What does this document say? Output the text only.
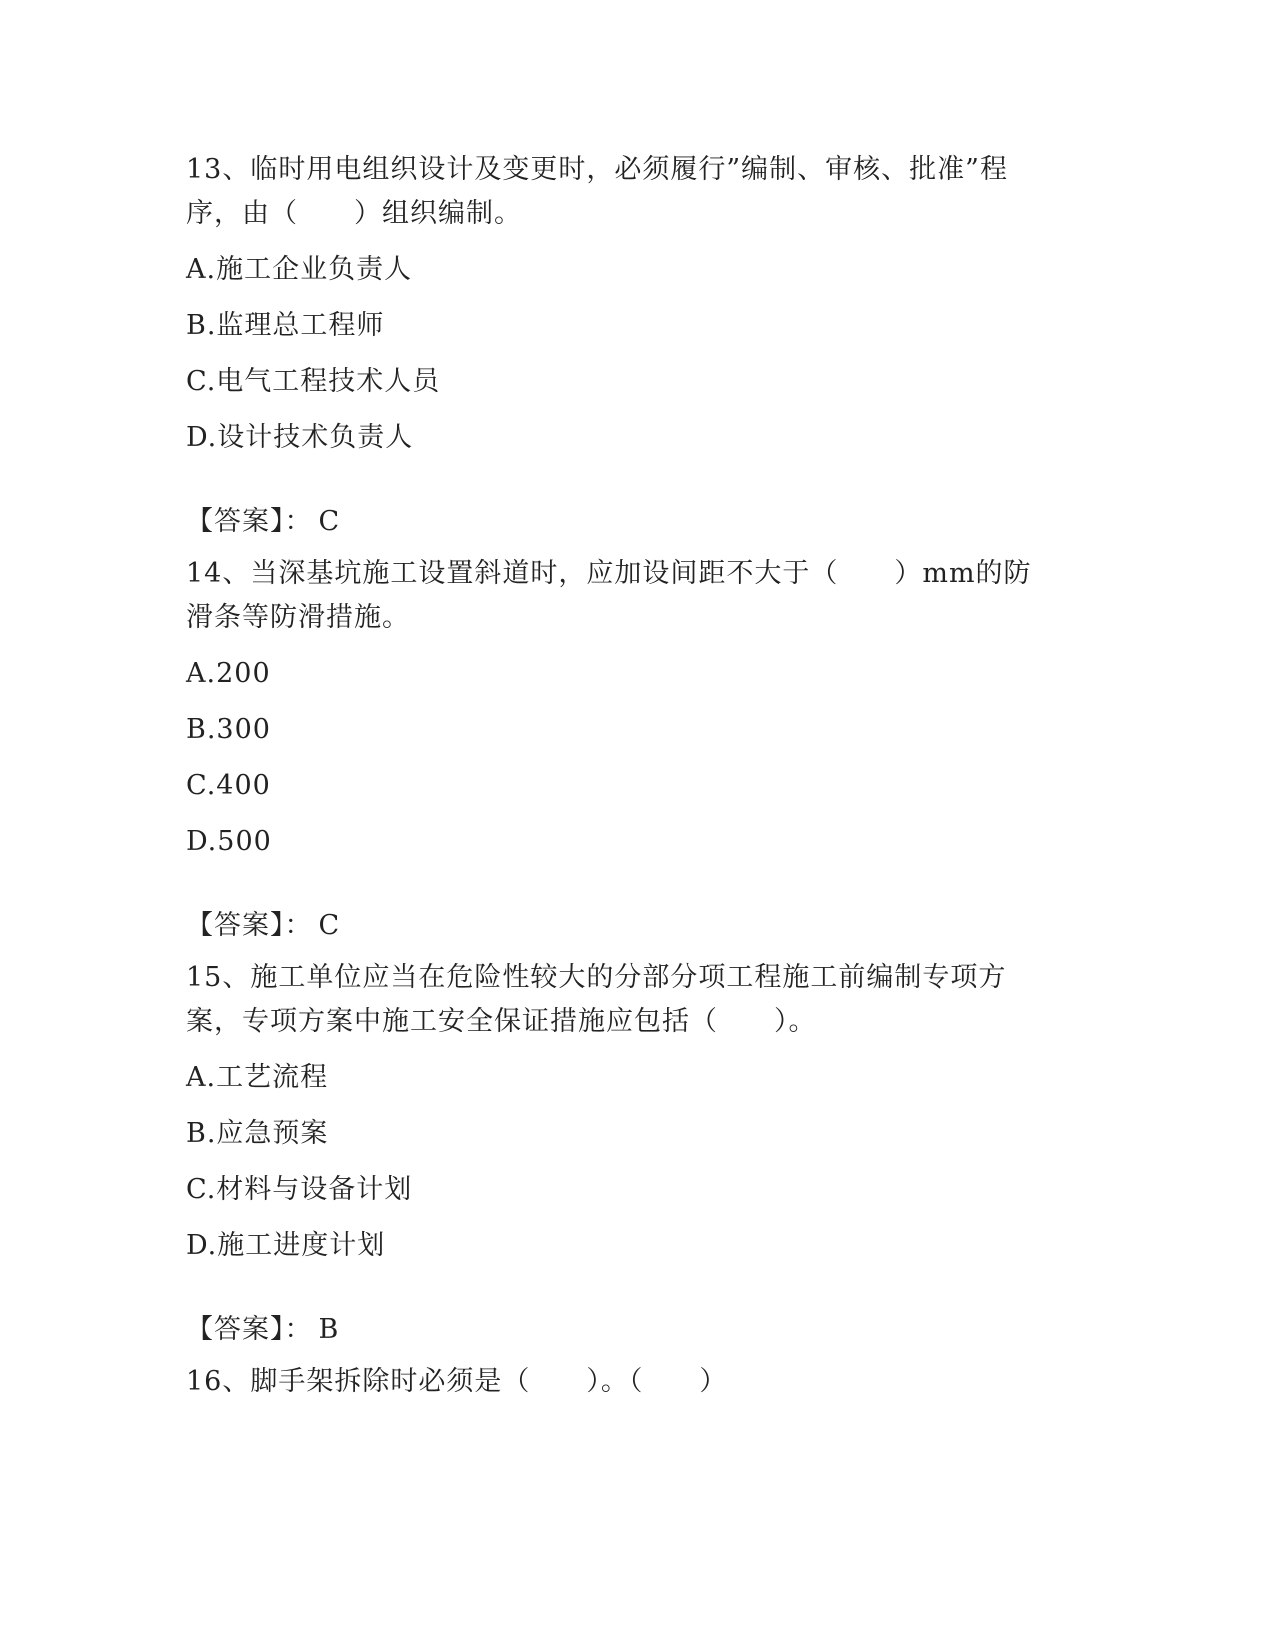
13、临时用电组织设计及变更时，必须履行”编制、审核、批准”程序，由（　　）组织编制。

A.施工企业负责人
B.监理总工程师
C.电气工程技术人员
D.设计技术负责人
【答案】： C

14、当深基坑施工设置斜道时，应加设间距不大于（　　）mm的防滑条等防滑措施。

A.200
B.300
C.400
D.500
【答案】： C

15、施工单位应当在危险性较大的分部分项工程施工前编制专项方案，专项方案中施工安全保证措施应包括（　　）。

A.工艺流程
B.应急预案
C.材料与设备计划
D.施工进度计划
【答案】： B

16、脚手架拆除时必须是（　　）。（　　）
